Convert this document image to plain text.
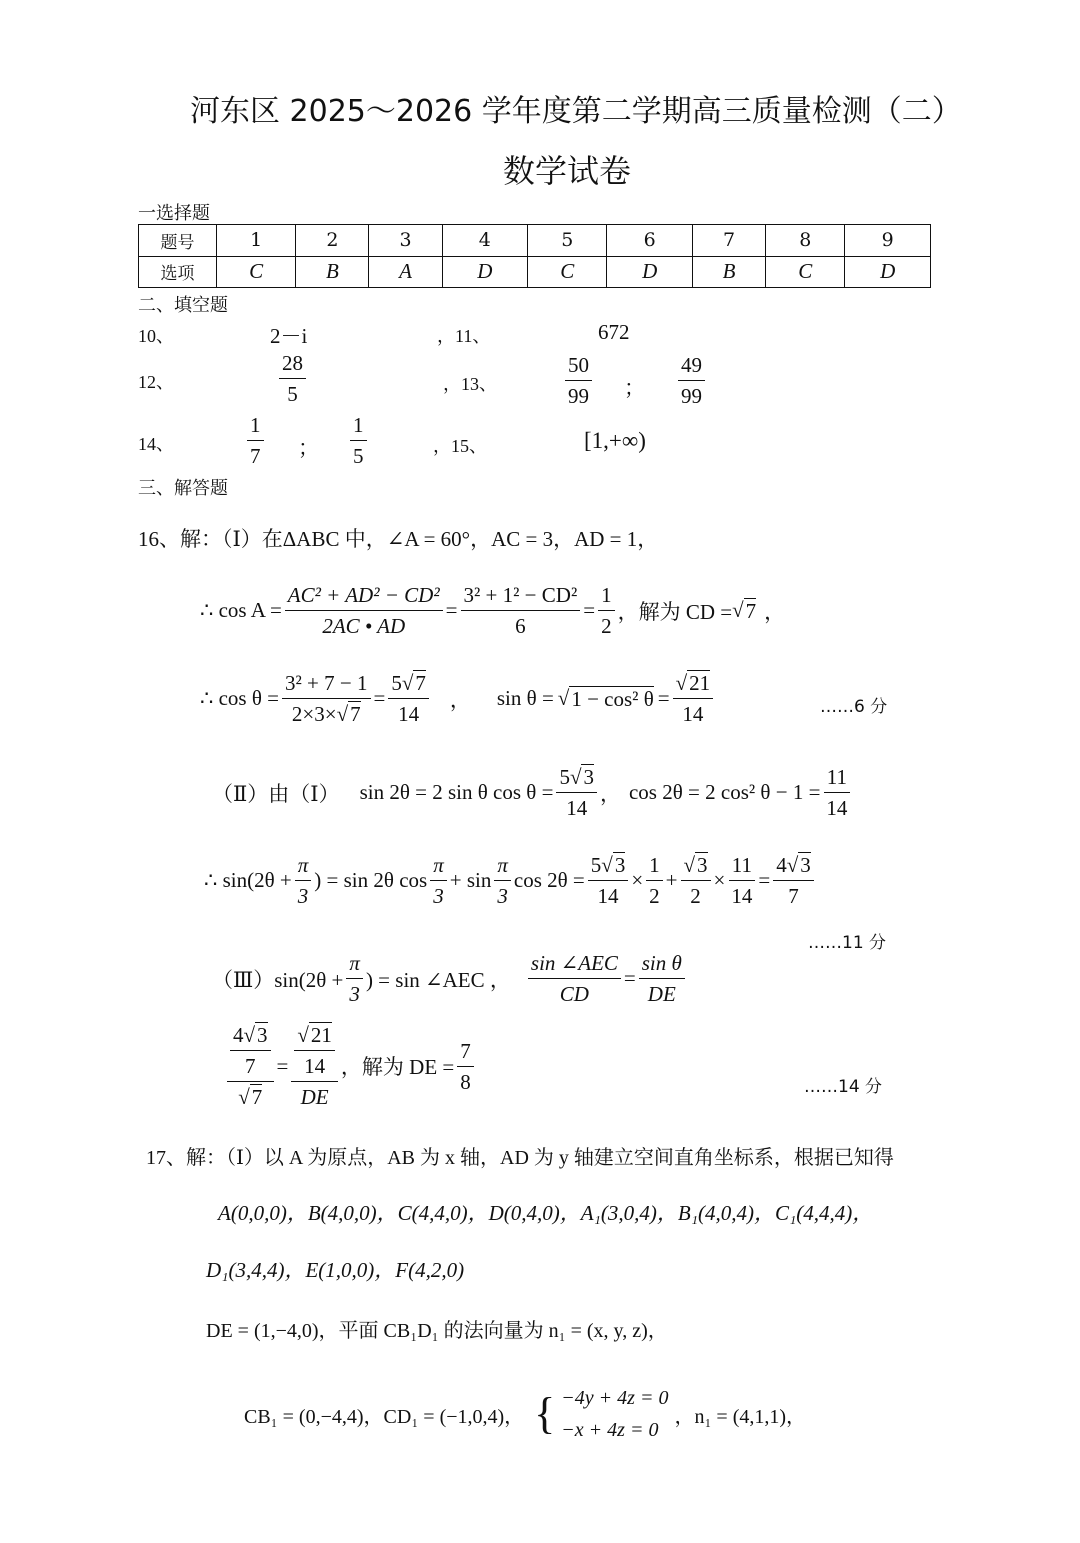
河东区 2025～2026 学年度第二学期高三质量检测（二）
数学试卷
一选择题
题号	1	2	3	4	5	6	7	8	9
选项	C	B	A	D	C	D	B	C	D
二、填空题
10、	2－i	，11、	672
12、	$\frac{28}{5}$	，13、	$\frac{50}{99}$ ； $\frac{49}{99}$
14、	$\frac{1}{7}$ ； $\frac{1}{5}$	，15、	[1,+∞)
三、解答题
16、解：（Ⅰ）在ΔABC 中，∠A = 60°，AC = 3，AD = 1，
∴ $\cos A = \frac{\text{AC² + AD² − CD²}}{2AC • AD} = \frac{\text{3² + 1² − CD²}}{6} = \frac{1}{2}$ ，解为 CD = √ 7 ，
∴ $\cos \theta = \frac{\text{3² + 7 − 1}}{2\times 3\times√7} = \frac{5√7}{14}$ ， sin θ = √ 1 − cos² $\theta = \frac{√21}{14}$	……6 分
（Ⅱ）由（Ⅰ） sin 2θ = 2 sin θ $\cos \theta = \frac{5√3}{14}$ ， cos 2θ = 2 cos² $\theta - 1 = \frac{11}{14}$
∴ $\sin(2\theta + \frac{\pi}{3}$ ) = sin 2θ $\cos \frac{\pi}{3} + \sin \frac{\pi}{3}$ $\cos 2\theta = \frac{5√3}{14} \times \frac{1}{2} + \frac{√3}{2} \times \frac{11}{14} = \frac{4√3}{7}$
……11 分
（Ⅲ）sin(2θ + $\frac{\pi}{3}$ ) = sin ∠AEC ， $\frac{\text{sin ∠AEC}}{CD} = \frac{\text{sin θ}}{DE}$
$\frac{\frac{4√3}{7}}{√7} = \frac{\frac{√21}{14}}{DE}$ ，解为 DE = $\frac{7}{8}$	……14 分
17、解：（Ⅰ）以 A 为原点，AB 为 x 轴，AD 为 y 轴建立空间直角坐标系，根据已知得
A(0,0,0)，B(4,0,0)，C(4,4,0)，D(0,4,0)，A₁(3,0,4)，B₁(4,0,4)，C₁(4,4,4)，
D₁(3,4,4)，E(1,0,0)，F(4,2,0)
DE = (1,−4,0)，平面 CB₁D₁ 的法向量为 n₁ = (x, y, z)，
CB₁ = (0,−4,4)，CD₁ = (−1,0,4)， { −4y + 4z = 0
−x + 4z = 0
，n₁ = (4,1,1)，
